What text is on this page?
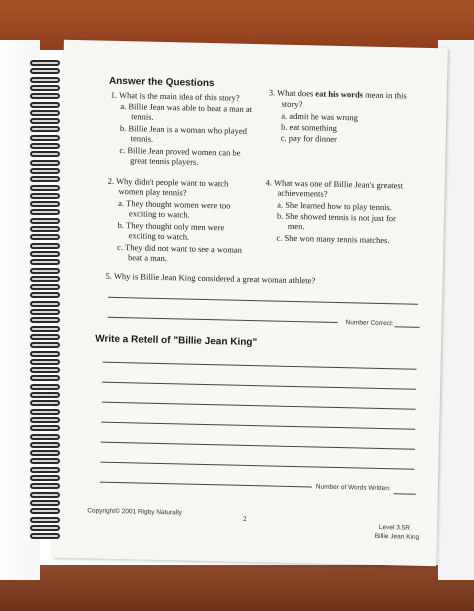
Answer the Questions
1. What is the main idea of this story?
a. Billie Jean was able to beat a man at
tennis.
b. Billie Jean is a woman who played
tennis.
c. Billie Jean proved women can be
great tennis players.
3. What does eat his words mean in this
story?
a. admit he was wrong
b. eat something
c. pay for dinner
2. Why didn't people want to watch
women play tennis?
a. They thought women were too
exciting to watch.
b. They thought only men were
exciting to watch.
c. They did not want to see a woman
beat a man.
4. What was one of Billie Jean's greatest
achievements?
a. She learned how to play tennis.
b. She showed tennis is not just for
men.
c. She won many tennis matches.
5. Why is Billie Jean King considered a great woman athlete?
Number Correct:
Write a Retell of "Billie Jean King"
Number of Words Written:
Copyright© 2001 Rigby Naturally
2
Level 3.5R
Billie Jean King
